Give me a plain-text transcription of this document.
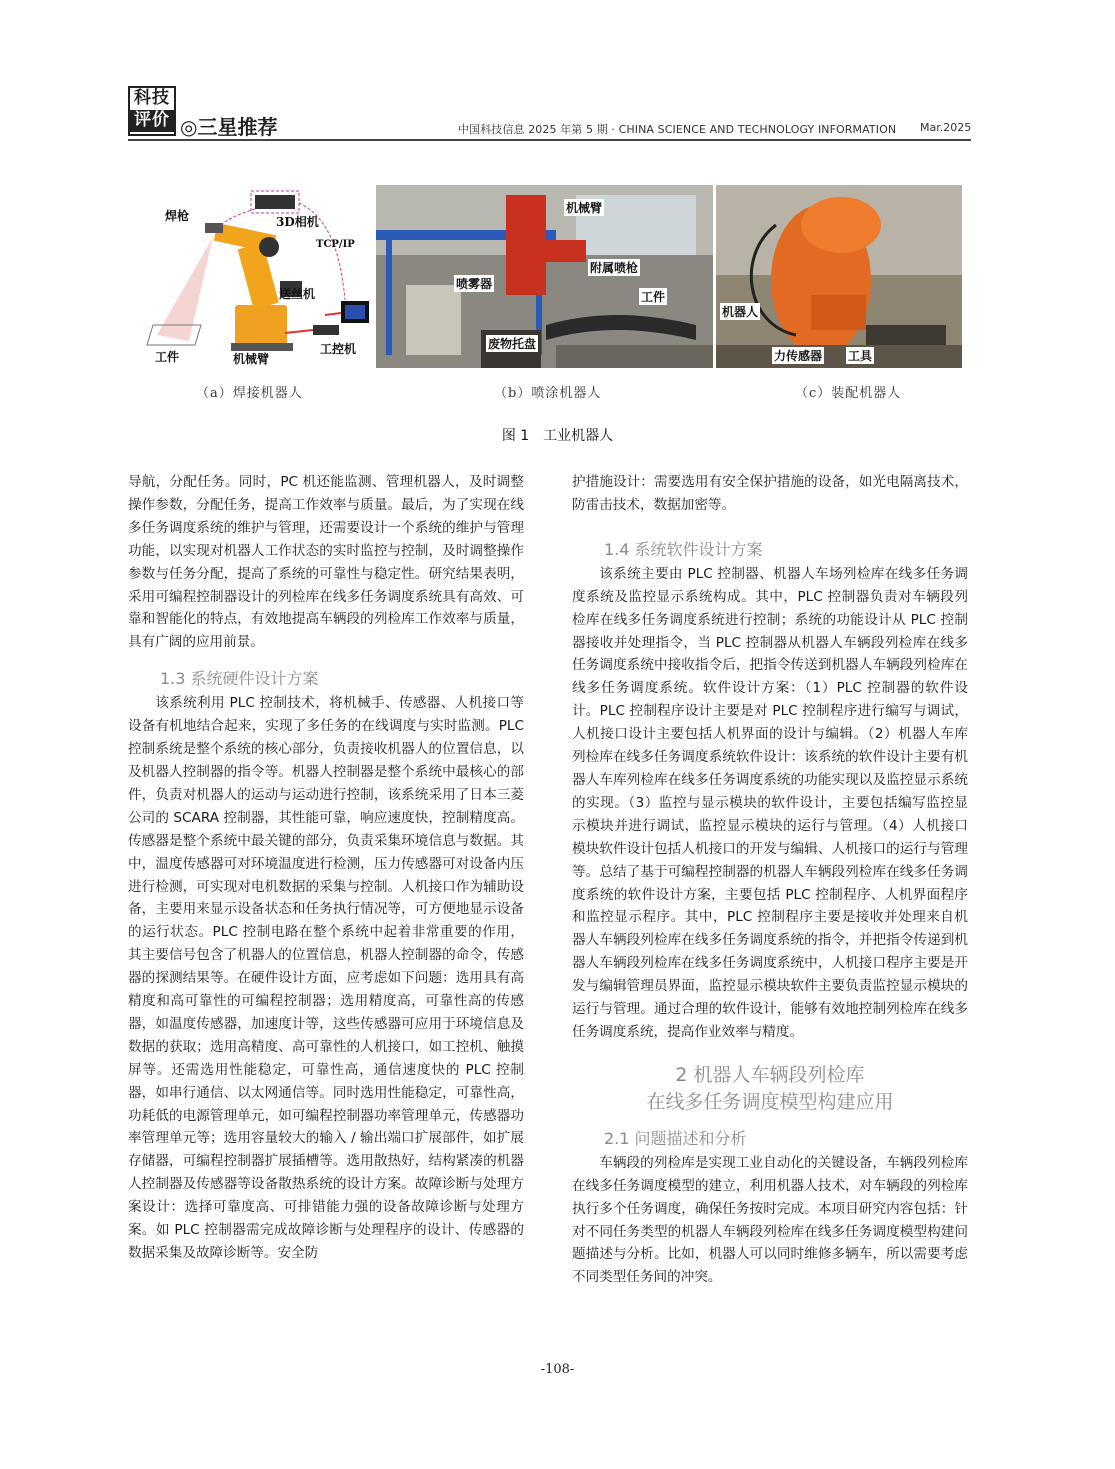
科技
评价 ◎三星推荐	中国科技信息 2025 年第 5 期 · CHINA SCIENCE AND TECHNOLOGY INFORMATION Mar.2025
焊枪	3D相机
TCP/IP
送丝机
工控机
工件	机械臂
机械臂
附属喷枪
喷雾器
工件
废物托盘
机器人
力传感器 工具
（a）焊接机器人	（b）喷涂机器人	（c）装配机器人
图 1　工业机器人

导航，分配任务。同时，PC 机还能监测、管理机器人，及时调整操作参数，分配任务，提高工作效率与质量。最后，为了实现在线多任务调度系统的维护与管理，还需要设计一个系统的维护与管理功能，以实现对机器人工作状态的实时监控与控制，及时调整操作参数与任务分配，提高了系统的可靠性与稳定性。研究结果表明，采用可编程控制器设计的列检库在线多任务调度系统具有高效、可靠和智能化的特点，有效地提高车辆段的列检库工作效率与质量，具有广阔的应用前景。

1.3 系统硬件设计方案

该系统利用 PLC 控制技术，将机械手、传感器、人机接口等设备有机地结合起来，实现了多任务的在线调度与实时监测。PLC 控制系统是整个系统的核心部分，负责接收机器人的位置信息，以及机器人控制器的指令等。机器人控制器是整个系统中最核心的部件，负责对机器人的运动与运动进行控制，该系统采用了日本三菱公司的 SCARA 控制器，其性能可靠，响应速度快，控制精度高。传感器是整个系统中最关键的部分，负责采集环境信息与数据。其中，温度传感器可对环境温度进行检测，压力传感器可对设备内压进行检测，可实现对电机数据的采集与控制。人机接口作为辅助设备，主要用来显示设备状态和任务执行情况等，可方便地显示设备的运行状态。PLC 控制电路在整个系统中起着非常重要的作用，其主要信号包含了机器人的位置信息，机器人控制器的命令，传感器的探测结果等。在硬件设计方面，应考虑如下问题：选用具有高精度和高可靠性的可编程控制器；选用精度高，可靠性高的传感器，如温度传感器，加速度计等，这些传感器可应用于环境信息及数据的获取；选用高精度、高可靠性的人机接口，如工控机、触摸屏等。还需选用性能稳定，可靠性高，通信速度快的 PLC 控制器，如串行通信、以太网通信等。同时选用性能稳定，可靠性高，功耗低的电源管理单元，如可编程控制器功率管理单元，传感器功率管理单元等；选用容量较大的输入 / 输出端口扩展部件，如扩展存储器，可编程控制器扩展插槽等。选用散热好，结构紧凑的机器人控制器及传感器等设备散热系统的设计方案。故障诊断与处理方案设计：选择可靠度高、可排错能力强的设备故障诊断与处理方案。如 PLC 控制器需完成故障诊断与处理程序的设计、传感器的数据采集及故障诊断等。安全防

护措施设计：需要选用有安全保护措施的设备，如光电隔离技术，防雷击技术，数据加密等。

1.4 系统软件设计方案

该系统主要由 PLC 控制器、机器人车场列检库在线多任务调度系统及监控显示系统构成。其中，PLC 控制器负责对车辆段列检库在线多任务调度系统进行控制；系统的功能设计从 PLC 控制器接收并处理指令，当 PLC 控制器从机器人车辆段列检库在线多任务调度系统中接收指令后，把指令传送到机器人车辆段列检库在线多任务调度系统。软件设计方案：（1）PLC 控制器的软件设计。PLC 控制程序设计主要是对 PLC 控制程序进行编写与调试，人机接口设计主要包括人机界面的设计与编辑。（2）机器人车库列检库在线多任务调度系统软件设计：该系统的软件设计主要有机器人车库列检库在线多任务调度系统的功能实现以及监控显示系统的实现。（3）监控与显示模块的软件设计，主要包括编写监控显示模块并进行调试，监控显示模块的运行与管理。（4）人机接口模块软件设计包括人机接口的开发与编辑、人机接口的运行与管理等。总结了基于可编程控制器的机器人车辆段列检库在线多任务调度系统的软件设计方案，主要包括 PLC 控制程序、人机界面程序和监控显示程序。其中，PLC 控制程序主要是接收并处理来自机器人车辆段列检库在线多任务调度系统的指令，并把指令传递到机器人车辆段列检库在线多任务调度系统中，人机接口程序主要是开发与编辑管理员界面，监控显示模块软件主要负责监控显示模块的运行与管理。通过合理的软件设计，能够有效地控制列检库在线多任务调度系统，提高作业效率与精度。

2 机器人车辆段列检库
在线多任务调度模型构建应用
2.1 问题描述和分析

车辆段的列检库是实现工业自动化的关键设备，车辆段列检库在线多任务调度模型的建立，利用机器人技术，对车辆段的列检库执行多个任务调度，确保任务按时完成。本项目研究内容包括：针对不同任务类型的机器人车辆段列检库在线多任务调度模型构建问题描述与分析。比如，机器人可以同时维修多辆车，所以需要考虑不同类型任务间的冲突。

-108-
